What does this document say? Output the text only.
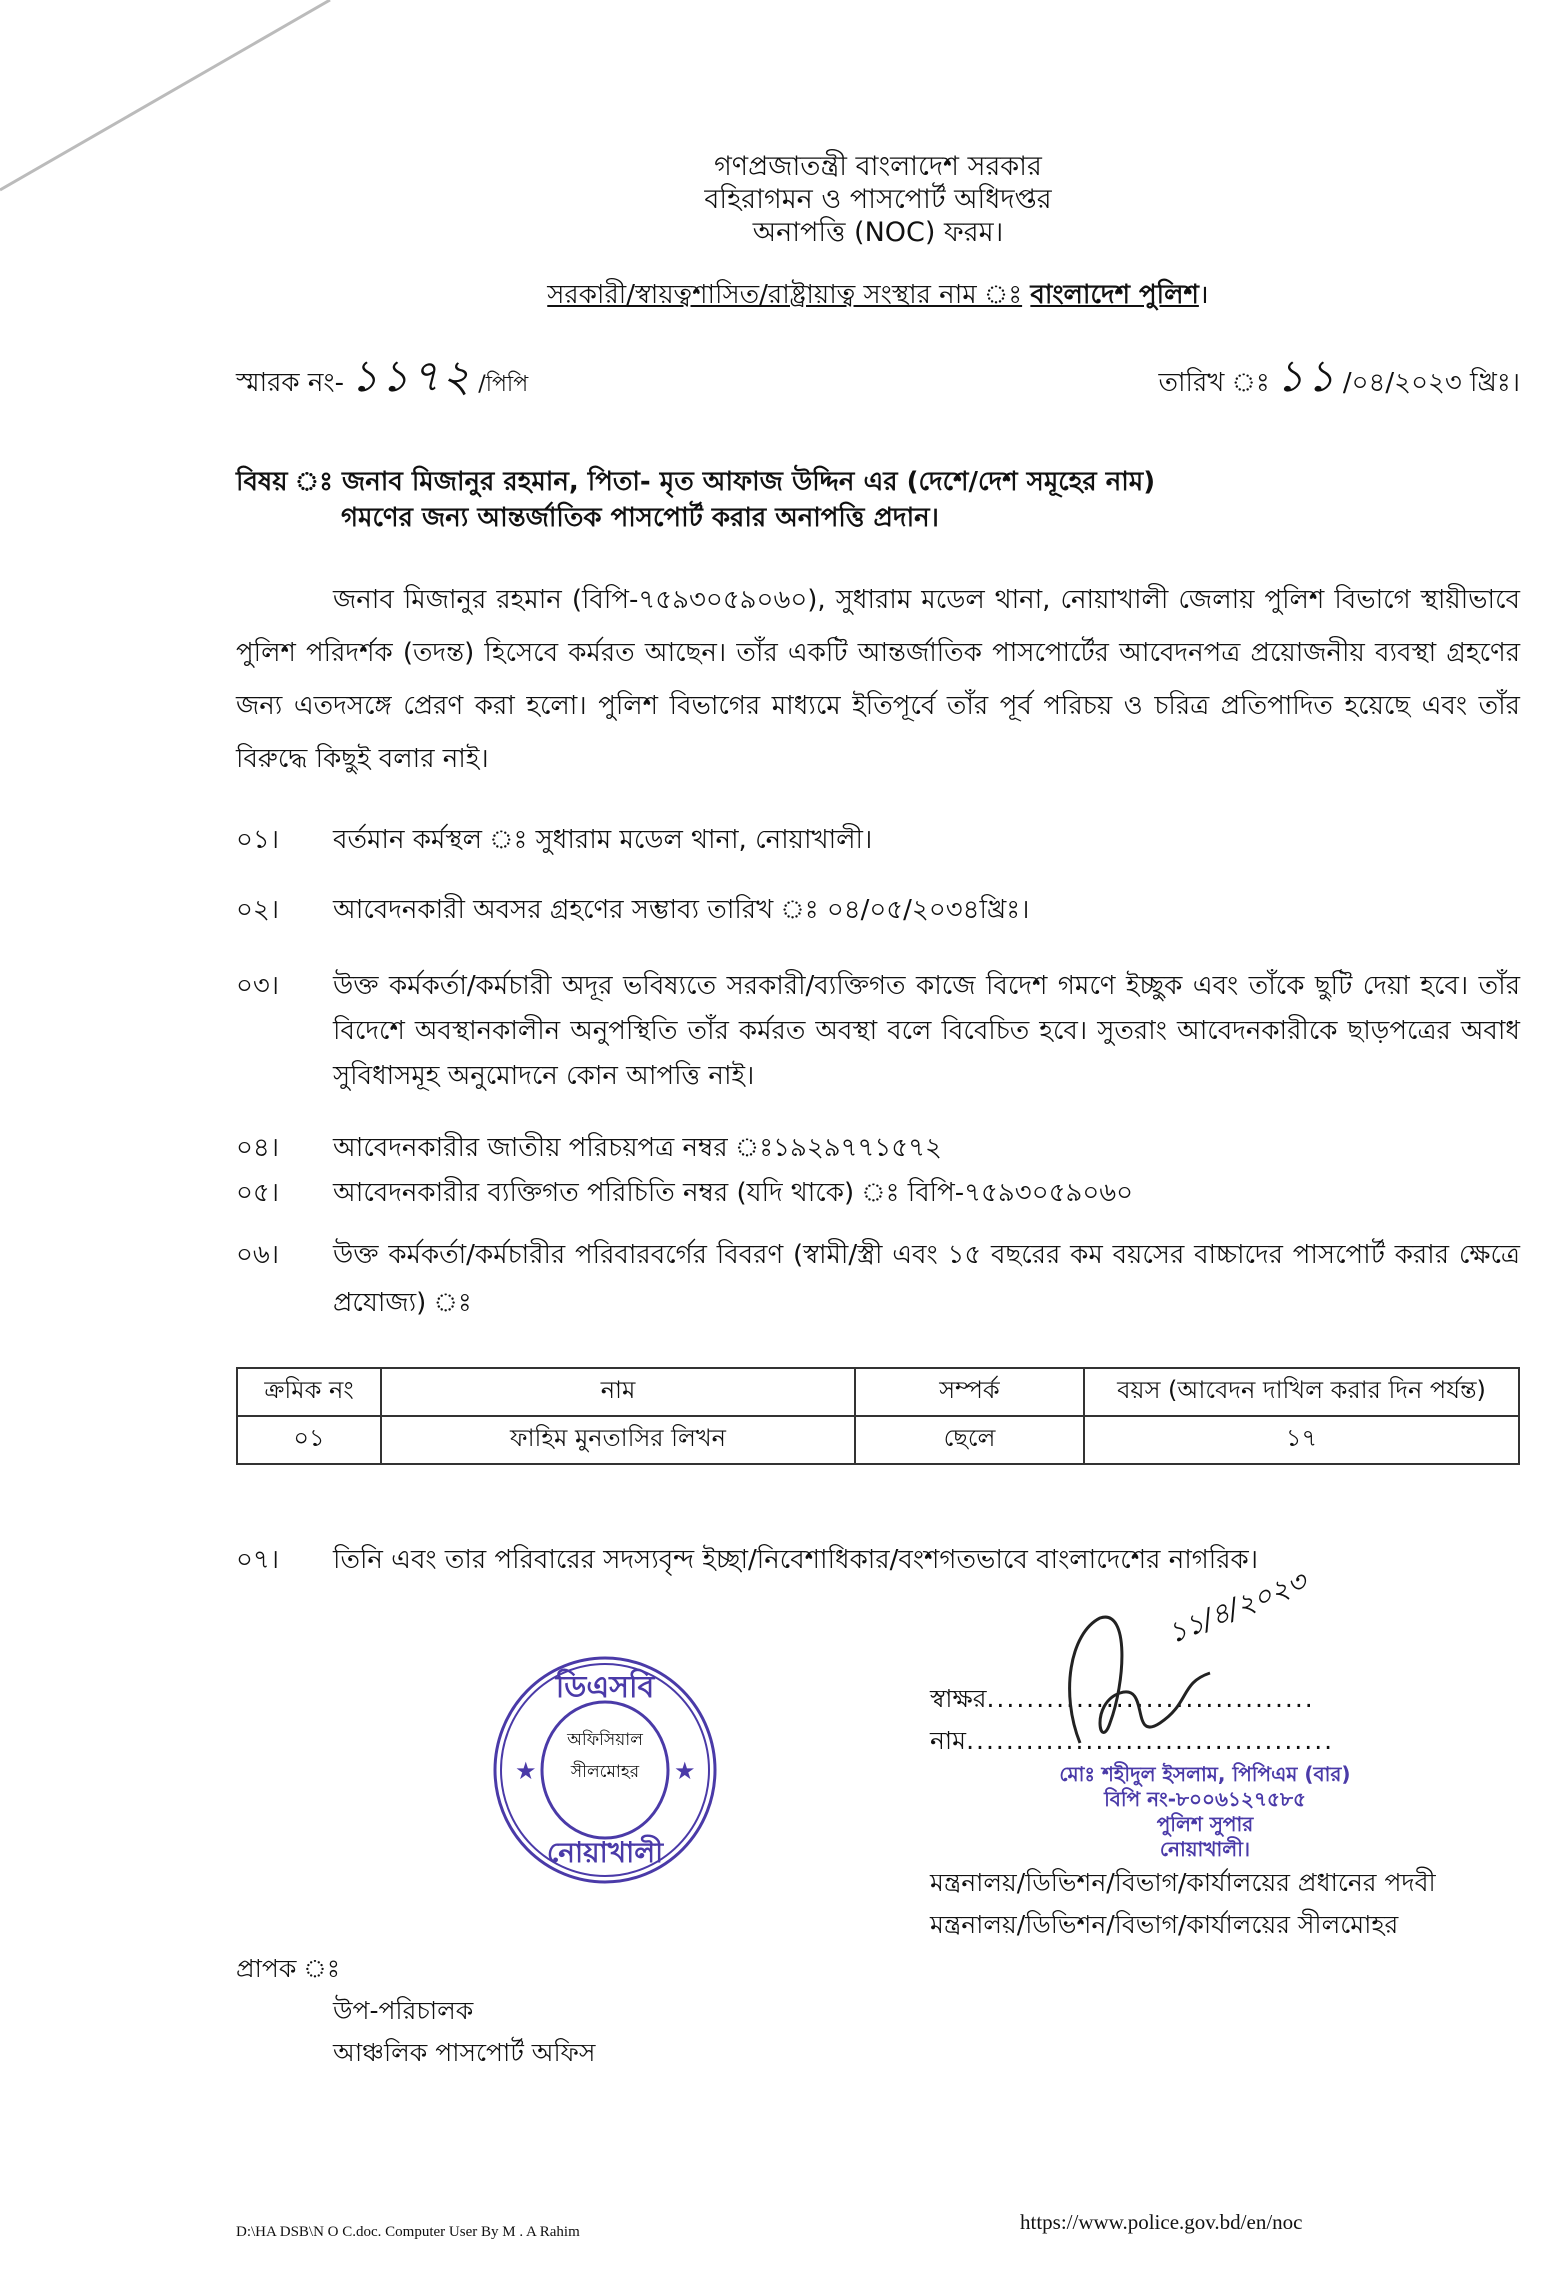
গণপ্রজাতন্ত্রী বাংলাদেশ সরকার
বহিরাগমন ও পাসপোর্ট অধিদপ্তর
অনাপত্তি (NOC) ফরম।
সরকারী/স্বায়ত্বশাসিত/রাষ্ট্রায়াত্ব সংস্থার নাম ঃ বাংলাদেশ পুলিশ।
স্মারক নং- ১১৭২ /পিপি	তারিখ ঃ ১১ /০৪/২০২৩ খ্রিঃ।
বিষয় ঃ জনাব মিজানুর রহমান, পিতা- মৃত আফাজ উদ্দিন এর (দেশে/দেশ সমূহের নাম)
গমণের জন্য আন্তর্জাতিক পাসপোর্ট করার অনাপত্তি প্রদান।
জনাব মিজানুর রহমান (বিপি-৭৫৯৩০৫৯০৬০), সুধারাম মডেল থানা, নোয়াখালী জেলায় পুলিশ বিভাগে স্থায়ীভাবে পুলিশ পরিদর্শক (তদন্ত) হিসেবে কর্মরত আছেন। তাঁর একটি আন্তর্জাতিক পাসপোর্টের আবেদনপত্র প্রয়োজনীয় ব্যবস্থা গ্রহণের জন্য এতদসঙ্গে প্রেরণ করা হলো। পুলিশ বিভাগের মাধ্যমে ইতিপূর্বে তাঁর পূর্ব পরিচয় ও চরিত্র প্রতিপাদিত হয়েছে এবং তাঁর বিরুদ্ধে কিছুই বলার নাই।
০১।	বর্তমান কর্মস্থল ঃ সুধারাম মডেল থানা, নোয়াখালী।
০২।	আবেদনকারী অবসর গ্রহণের সম্ভাব্য তারিখ ঃ ০৪/০৫/২০৩৪খ্রিঃ।
০৩।	উক্ত কর্মকর্তা/কর্মচারী অদূর ভবিষ্যতে সরকারী/ব্যক্তিগত কাজে বিদেশ গমণে ইচ্ছুক এবং তাঁকে ছুটি দেয়া হবে। তাঁর বিদেশে অবস্থানকালীন অনুপস্থিতি তাঁর কর্মরত অবস্থা বলে বিবেচিত হবে। সুতরাং আবেদনকারীকে ছাড়পত্রের অবাধ সুবিধাসমূহ অনুমোদনে কোন আপত্তি নাই।
০৪।	আবেদনকারীর জাতীয় পরিচয়পত্র নম্বর ঃ১৯২৯৭৭১৫৭২
০৫।	আবেদনকারীর ব্যক্তিগত পরিচিতি নম্বর (যদি থাকে) ঃ বিপি-৭৫৯৩০৫৯০৬০
০৬।	উক্ত কর্মকর্তা/কর্মচারীর পরিবারবর্গের বিবরণ (স্বামী/স্ত্রী এবং ১৫ বছরের কম বয়সের বাচ্চাদের পাসপোর্ট করার ক্ষেত্রে প্রযোজ্য) ঃ
ক্রমিক নং	নাম	সম্পর্ক	বয়স (আবেদন দাখিল করার দিন পর্যন্ত)
০১	ফাহিম মুনতাসির লিখন	ছেলে	১৭
০৭।	তিনি এবং তার পরিবারের সদস্যবৃন্দ ইচ্ছা/নিবেশাধিকার/বংশগতভাবে বাংলাদেশের নাগরিক।
★	★
ডিএসবি
অফিসিয়াল
সীলমোহর
নোয়াখালী
১১/৪/২০২৩
স্বাক্ষর.................................
নাম.....................................
মোঃ শহীদুল ইসলাম, পিপিএম (বার)
বিপি নং-৮০০৬১২৭৫৮৫
পুলিশ সুপার
নোয়াখালী।
মন্ত্রনালয়/ডিভিশন/বিভাগ/কার্যালয়ের প্রধানের পদবী
মন্ত্রনালয়/ডিভিশন/বিভাগ/কার্যালয়ের সীলমোহর
প্রাপক ঃ
উপ-পরিচালক
আঞ্চলিক পাসপোর্ট অফিস
D:\HA DSB\N O C.doc. Computer User By M . A Rahim	https://www.police.gov.bd/en/noc
